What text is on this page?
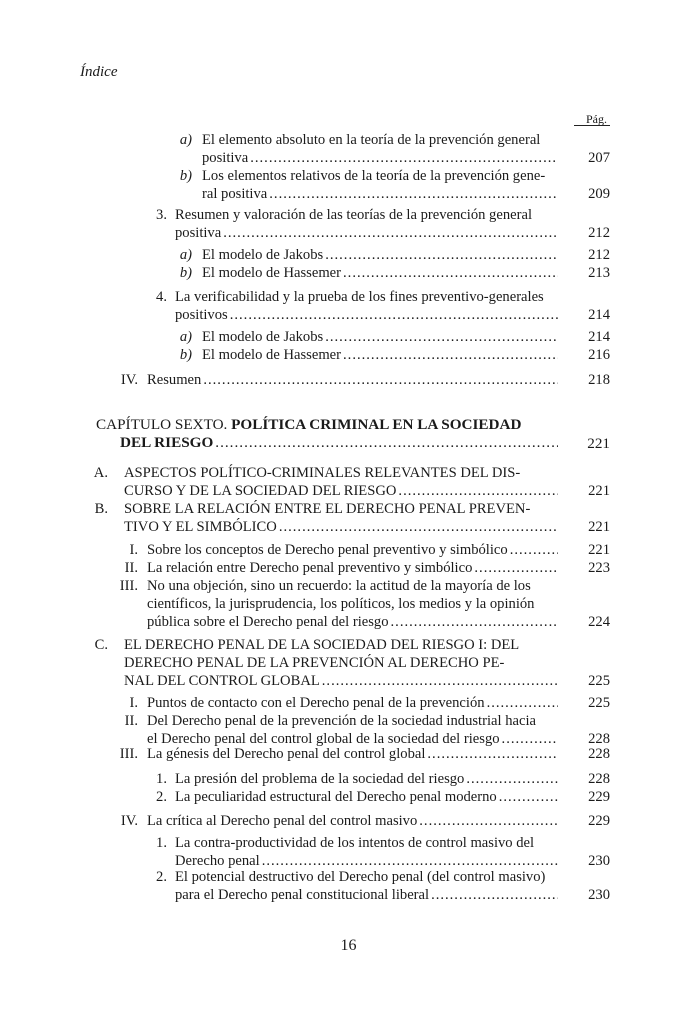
Índice
Pág.
a) El elemento absoluto en la teoría de la prevención general
positiva .....	207
b) Los elementos relativos de la teoría de la prevención gene-
ral positiva .....	209
3. Resumen y valoración de las teorías de la prevención general
positiva .....	212
a) El modelo de Jakobs .....	212
b) El modelo de Hassemer .....	213
4. La verificabilidad y la prueba de los fines preventivo-generales
positivos .....	214
a) El modelo de Jakobs .....	214
b) El modelo de Hassemer .....	216
IV. Resumen .....	218
CAPÍTULO SEXTO. POLÍTICA CRIMINAL EN LA SOCIEDAD
DEL RIESGO .....	221
A. ASPECTOS POLÍTICO-CRIMINALES RELEVANTES DEL DIS-
CURSO Y DE LA SOCIEDAD DEL RIESGO .....	221
B. SOBRE LA RELACIÓN ENTRE EL DERECHO PENAL PREVEN-
TIVO Y EL SIMBÓLICO .....	221
I. Sobre los conceptos de Derecho penal preventivo y simbólico .....	221
II. La relación entre Derecho penal preventivo y simbólico .....	223
III. No una objeción, sino un recuerdo: la actitud de la mayoría de los
científicos, la jurisprudencia, los políticos, los medios y la opinión
pública sobre el Derecho penal del riesgo .....	224
C. EL DERECHO PENAL DE LA SOCIEDAD DEL RIESGO I: DEL
DERECHO PENAL DE LA PREVENCIÓN AL DERECHO PE-
NAL DEL CONTROL GLOBAL .....	225
I. Puntos de contacto con el Derecho penal de la prevención .....	225
II. Del Derecho penal de la prevención de la sociedad industrial hacia
el Derecho penal del control global de la sociedad del riesgo .....	228
III. La génesis del Derecho penal del control global .....	228
1. La presión del problema de la sociedad del riesgo .....	228
2. La peculiaridad estructural del Derecho penal moderno .....	229
IV. La crítica al Derecho penal del control masivo .....	229
1. La contra-productividad de los intentos de control masivo del
Derecho penal .....	230
2. El potencial destructivo del Derecho penal (del control masivo)
para el Derecho penal constitucional liberal .....	230
16
